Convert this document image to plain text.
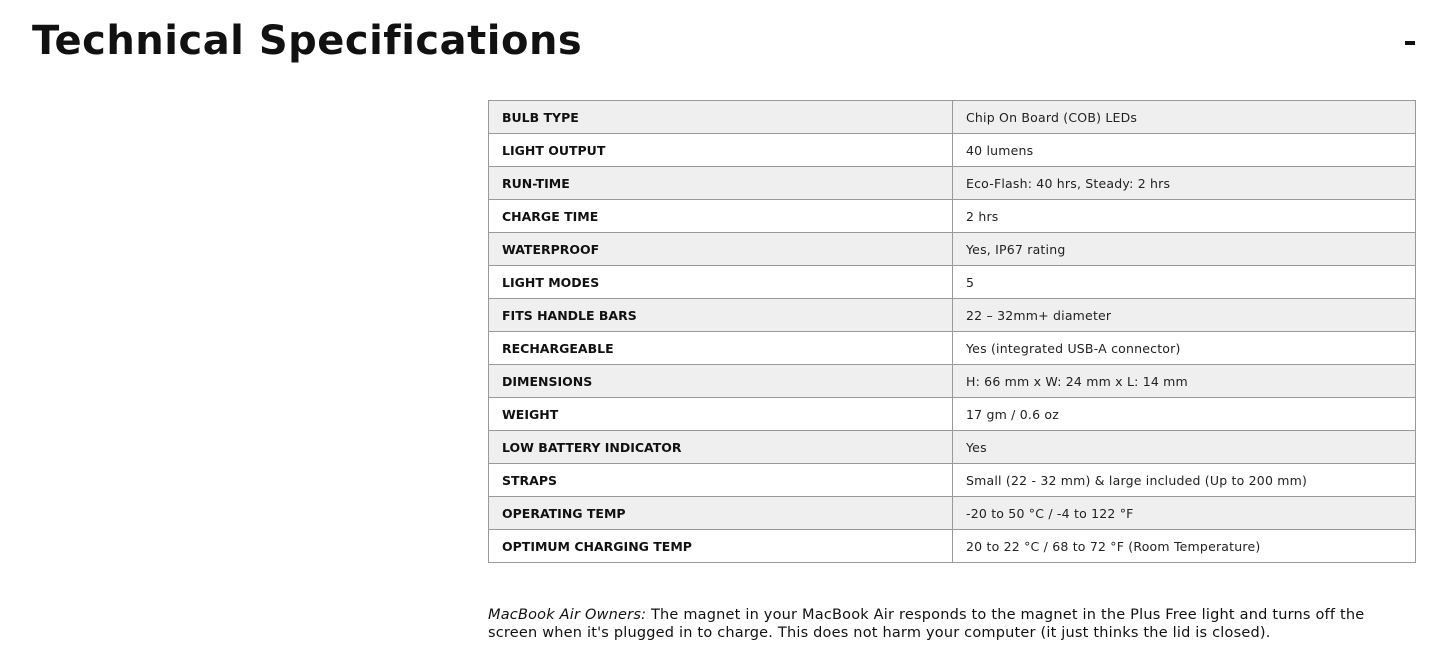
Technical Specifications
BULB TYPE	Chip On Board (COB) LEDs
LIGHT OUTPUT	40 lumens
RUN-TIME	Eco-Flash: 40 hrs, Steady: 2 hrs
CHARGE TIME	2 hrs
WATERPROOF	Yes, IP67 rating
LIGHT MODES	5
FITS HANDLE BARS	22 – 32mm+ diameter
RECHARGEABLE	Yes (integrated USB-A connector)
DIMENSIONS	H: 66 mm x W: 24 mm x L: 14 mm
WEIGHT	17 gm / 0.6 oz
LOW BATTERY INDICATOR	Yes
STRAPS	Small (22 - 32 mm) & large included (Up to 200 mm)
OPERATING TEMP	-20 to 50 °C / -4 to 122 °F
OPTIMUM CHARGING TEMP	20 to 22 °C / 68 to 72 °F (Room Temperature)

MacBook Air Owners: The magnet in your MacBook Air responds to the magnet in the Plus Free light and turns off the screen when it's plugged in to charge. This does not harm your computer (it just thinks the lid is closed).
